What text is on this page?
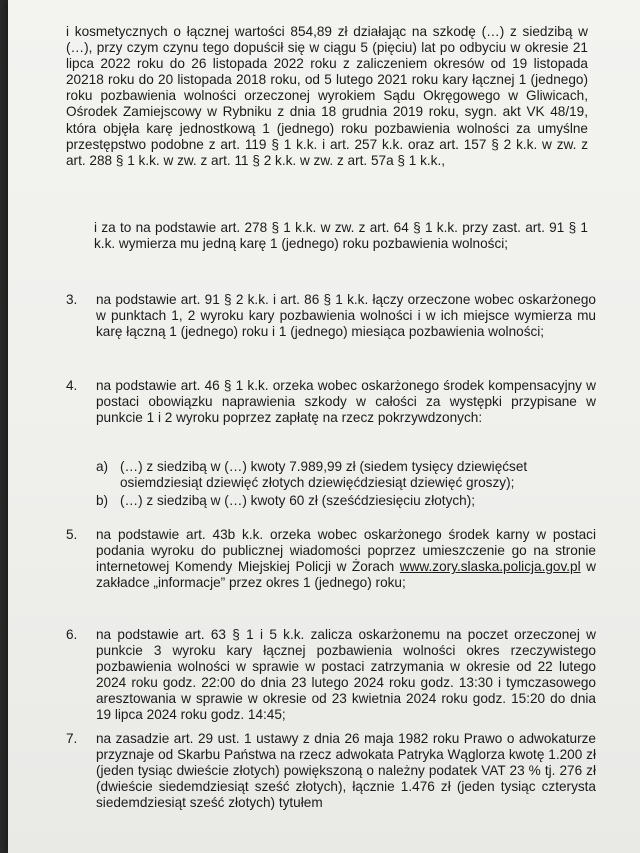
i kosmetycznych o łącznej wartości 854,89 zł działając na szkodę (…) z siedzibą w (…), przy czym czynu tego dopuścił się w ciągu 5 (pięciu) lat po odbyciu w okresie 21 lipca 2022 roku do 26 listopada 2022 roku z zaliczeniem okresów od 19 listopada 20218 roku do 20 listopada 2018 roku, od 5 lutego 2021 roku kary łącznej 1 (jednego) roku pozbawienia wolności orzeczonej wyrokiem Sądu Okręgowego w Gliwicach, Ośrodek Zamiejscowy w Rybniku z dnia 18 grudnia 2019 roku, sygn. akt VK 48/19, która objęła karę jednostkową 1 (jednego) roku pozbawienia wolności za umyślne przestępstwo podobne z art. 119 § 1 k.k. i art. 257 k.k. oraz art. 157 § 2 k.k. w zw. z art. 288 § 1 k.k. w zw. z art. 11 § 2 k.k. w zw. z art. 57a § 1 k.k.,

i za to na podstawie art. 278 § 1 k.k. w zw. z art. 64 § 1 k.k. przy zast. art. 91 § 1 k.k. wymierza mu jedną karę 1 (jednego) roku pozbawienia wolności;

3.	na podstawie art. 91 § 2 k.k. i art. 86 § 1 k.k. łączy orzeczone wobec oskarżonego w punktach 1, 2 wyroku kary pozbawienia wolności i w ich miejsce wymierza mu karę łączną 1 (jednego) roku i 1 (jednego) miesiąca pozbawienia wolności;
4.	na podstawie art. 46 § 1 k.k. orzeka wobec oskarżonego środek kompensacyjny w postaci obowiązku naprawienia szkody w całości za występki przypisane w punkcie 1 i 2 wyroku poprzez zapłatę na rzecz pokrzywdzonych:
a) (…) z siedzibą w (…) kwoty 7.989,99 zł (siedem tysięcy dziewięćset osiemdziesiąt dziewięć złotych dziewięćdziesiąt dziewięć groszy);
b) (…) z siedzibą w (…) kwoty 60 zł (sześćdziesięciu złotych);
5.	na podstawie art. 43b k.k. orzeka wobec oskarżonego środek karny w postaci podania wyroku do publicznej wiadomości poprzez umieszczenie go na stronie internetowej Komendy Miejskiej Policji w Żorach www.zory.slaska.policja.gov.pl w zakładce „informacje” przez okres 1 (jednego) roku;
6.	na podstawie art. 63 § 1 i 5 k.k. zalicza oskarżonemu na poczet orzeczonej w punkcie 3 wyroku kary łącznej pozbawienia wolności okres rzeczywistego pozbawienia wolności w sprawie w postaci zatrzymania w okresie od 22 lutego 2024 roku godz. 22:00 do dnia 23 lutego 2024 roku godz. 13:30 i tymczasowego aresztowania w sprawie w okresie od 23 kwietnia 2024 roku godz. 15:20 do dnia 19 lipca 2024 roku godz. 14:45;
7.	na zasadzie art. 29 ust. 1 ustawy z dnia 26 maja 1982 roku Prawo o adwokaturze przyznaje od Skarbu Państwa na rzecz adwokata Patryka Wąglorza kwotę 1.200 zł (jeden tysiąc dwieście złotych) powiększoną o należny podatek VAT 23 % tj. 276 zł (dwieście siedemdziesiąt sześć złotych), łącznie 1.476 zł (jeden tysiąc czterysta siedemdziesiąt sześć złotych) tytułem
